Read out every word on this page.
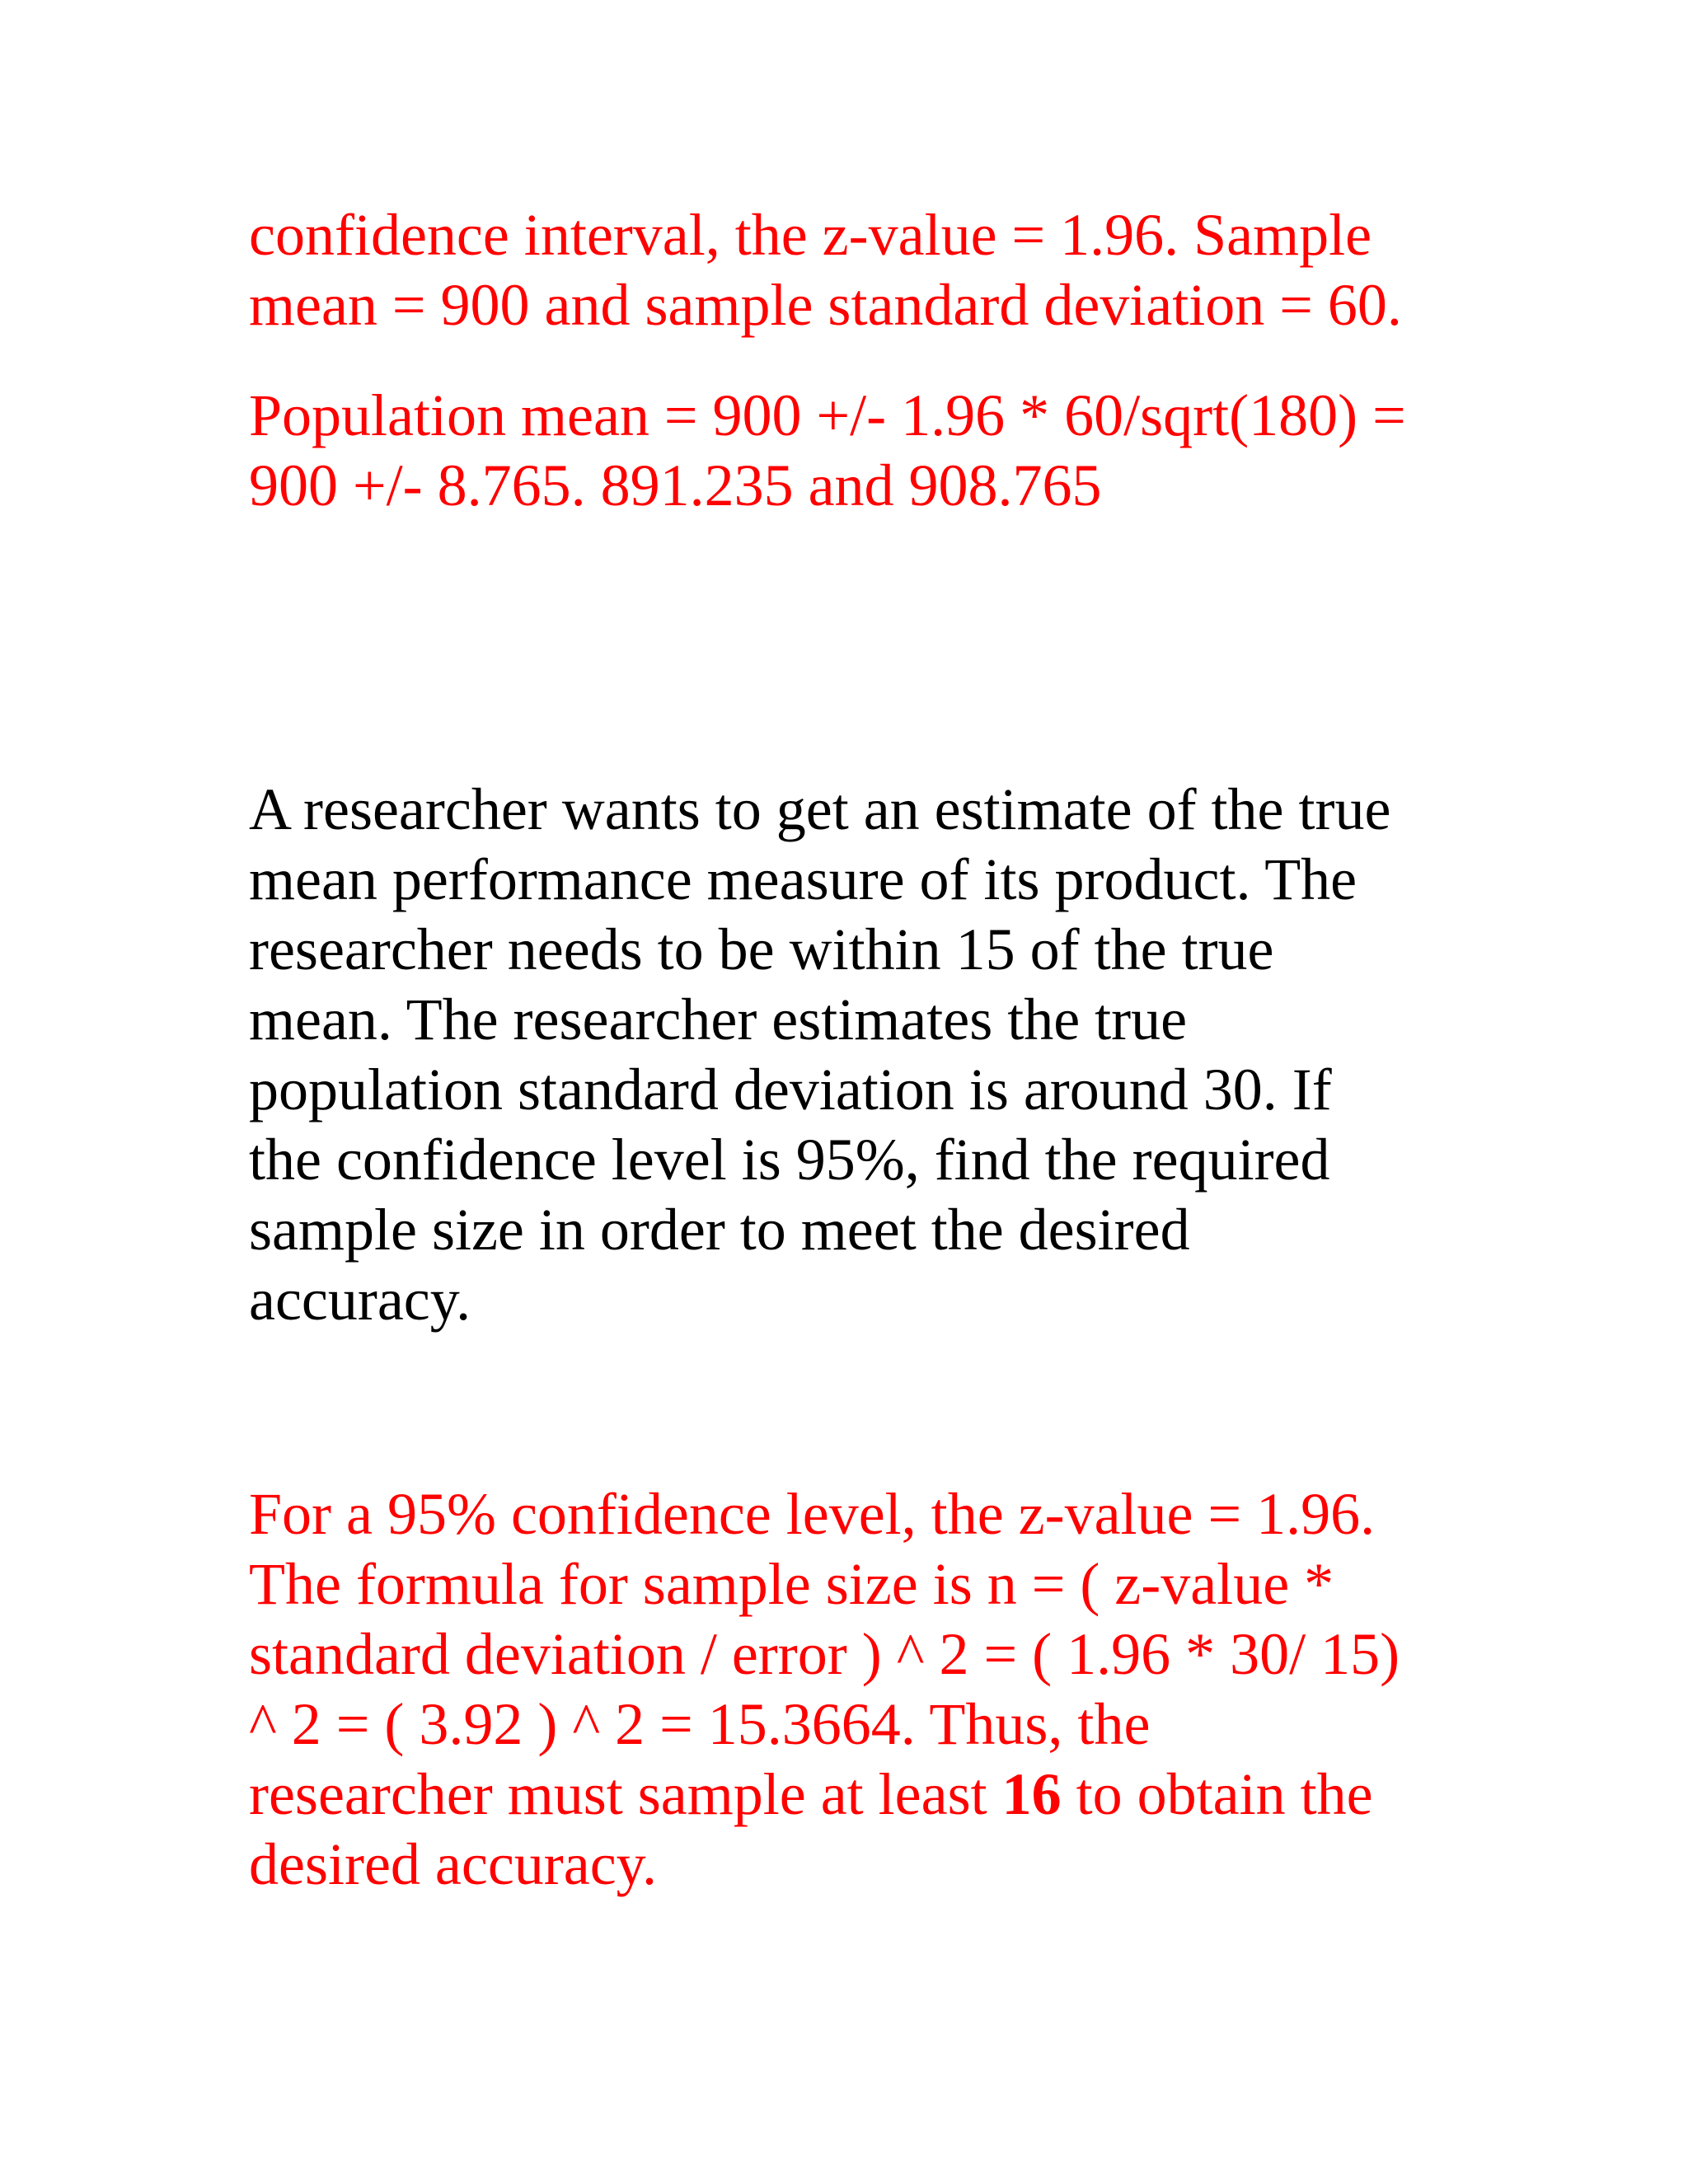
confidence interval, the z-value = 1.96. Sample
mean = 900 and sample standard deviation = 60.

Population mean = 900 +/- 1.96 * 60/sqrt(180) =
900 +/- 8.765. 891.235 and 908.765

A researcher wants to get an estimate of the true
mean performance measure of its product. The
researcher needs to be within 15 of the true
mean. The researcher estimates the true
population standard deviation is around 30. If
the confidence level is 95%, find the required
sample size in order to meet the desired
accuracy.

For a 95% confidence level, the z-value = 1.96.
The formula for sample size is n = ( z-value *
standard deviation / error ) ^ 2 = ( 1.96 * 30/ 15)
^ 2 = ( 3.92 ) ^ 2 = 15.3664. Thus, the
researcher must sample at least 16 to obtain the
desired accuracy.
